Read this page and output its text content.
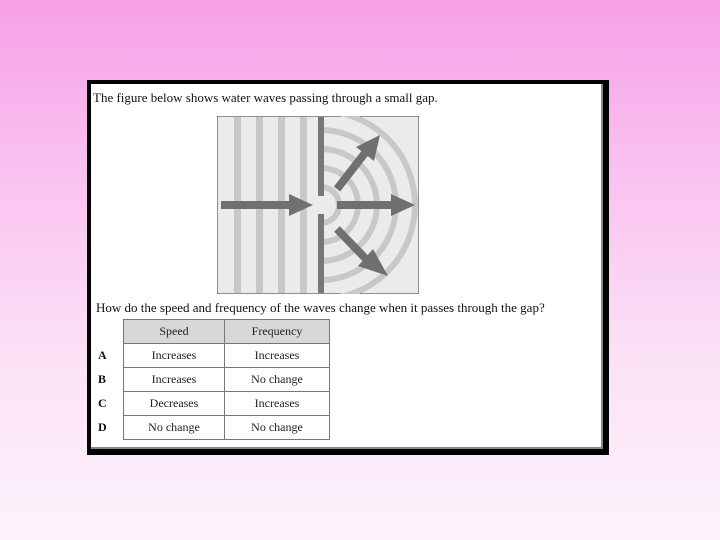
The figure below shows water waves passing through a small gap.
How do the speed and frequency of the waves change when it passes through the gap?
	Speed	Frequency
A	Increases	Increases
B	Increases	No change
C	Decreases	Increases
D	No change	No change
